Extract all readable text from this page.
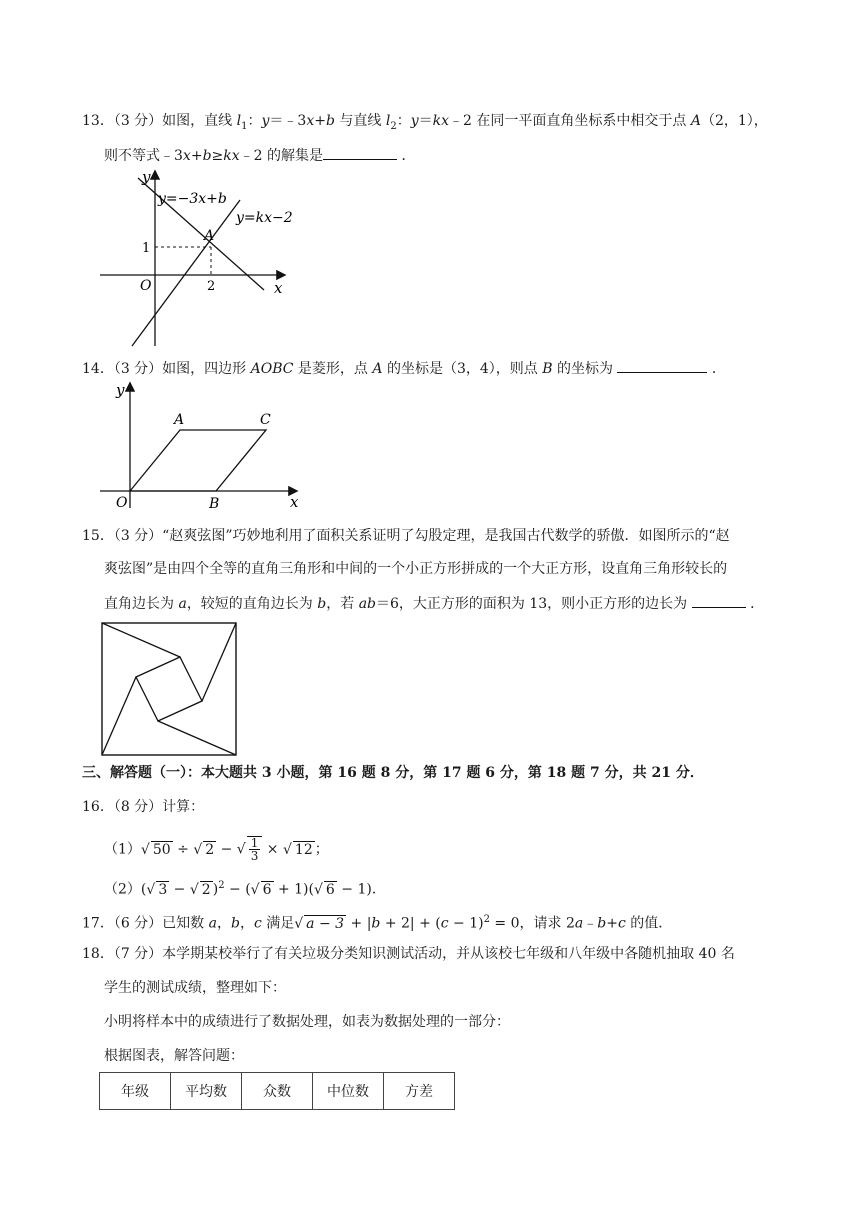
13．（3 分）如图，直线 $l_1$：y＝﹣3x+b 与直线 $l_2$：y＝kx﹣2 在同一平面直角坐标系中相交于点 A（2，1），
则不等式﹣3x+b≥kx﹣2 的解集是	．
y
x
O
y=−3x+b
y=kx−2
A
1
2
14．（3 分）如图，四边形 AOBC 是菱形，点 A 的坐标是（3，4），则点 B 的坐标为	．
y
x
O
A	C
B
15．（3 分）“赵爽弦图”巧妙地利用了面积关系证明了勾股定理，是我国古代数学的骄傲．如图所示的“赵
爽弦图”是由四个全等的直角三角形和中间的一个小正方形拼成的一个大正方形，设直角三角形较长的
直角边长为 a，较短的直角边长为 b，若 ab＝6，大正方形的面积为 13，则小正方形的边长为	．
三、解答题（一）：本大题共 3 小题，第 16 题 8 分，第 17 题 6 分，第 18 题 7 分，共 21 分．
16．（8 分）计算：
（1）√ 50 ÷ √ 2 − √ $\frac{1}{3}$ × √ 12 ；
（2）(√ 3 − √ 2 )$^2$ − (√ 6 + 1)(√ 6 − 1)．
17．（6 分）已知数 a，b，c 满足√ $a - 3 + |b + 2| + (c - 1)^2 = 0$，请求 2a﹣b+c 的值．
18．（7 分）本学期某校举行了有关垃圾分类知识测试活动，并从该校七年级和八年级中各随机抽取 40 名
学生的测试成绩，整理如下：
小明将样本中的成绩进行了数据处理，如表为数据处理的一部分：
根据图表，解答问题：
年级	平均数	众数	中位数	方差
